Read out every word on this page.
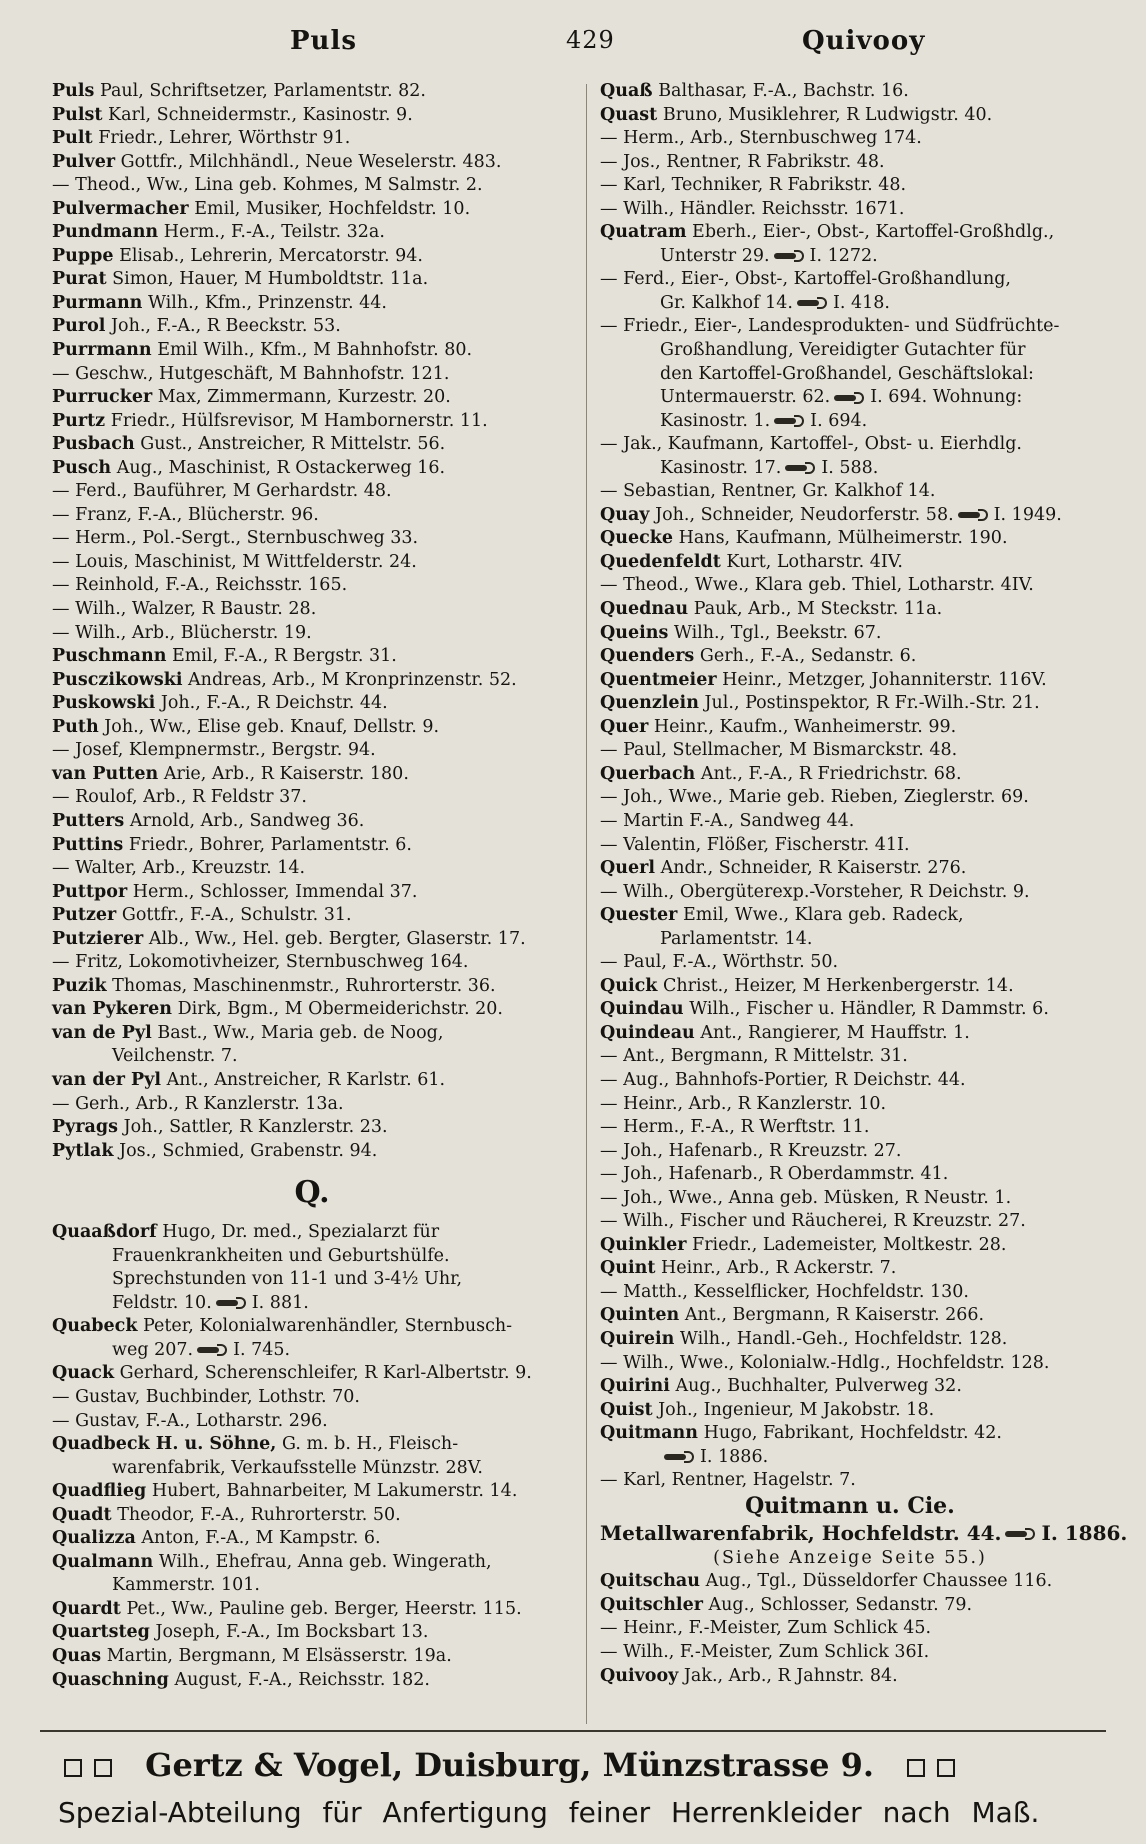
Puls	429	Quivooy
Puls Paul, Schriftsetzer, Parlamentstr. 82.
Pulst Karl, Schneidermstr., Kasinostr. 9.
Pult Friedr., Lehrer, Wörthstr 91.
Pulver Gottfr., Milchhändl., Neue Weselerstr. 483.
— Theod., Ww., Lina geb. Kohmes, M Salmstr. 2.
Pulvermacher Emil, Musiker, Hochfeldstr. 10.
Pundmann Herm., F.-A., Teilstr. 32a.
Puppe Elisab., Lehrerin, Mercatorstr. 94.
Purat Simon, Hauer, M Humboldtstr. 11a.
Purmann Wilh., Kfm., Prinzenstr. 44.
Purol Joh., F.-A., R Beeckstr. 53.
Purrmann Emil Wilh., Kfm., M Bahnhofstr. 80.
— Geschw., Hutgeschäft, M Bahnhofstr. 121.
Purrucker Max, Zimmermann, Kurzestr. 20.
Purtz Friedr., Hülfsrevisor, M Hambornerstr. 11.
Pusbach Gust., Anstreicher, R Mittelstr. 56.
Pusch Aug., Maschinist, R Ostackerweg 16.
— Ferd., Bauführer, M Gerhardstr. 48.
— Franz, F.-A., Blücherstr. 96.
— Herm., Pol.-Sergt., Sternbuschweg 33.
— Louis, Maschinist, M Wittfelderstr. 24.
— Reinhold, F.-A., Reichsstr. 165.
— Wilh., Walzer, R Baustr. 28.
— Wilh., Arb., Blücherstr. 19.
Puschmann Emil, F.-A., R Bergstr. 31.
Pusczikowski Andreas, Arb., M Kronprinzenstr. 52.
Puskowski Joh., F.-A., R Deichstr. 44.
Puth Joh., Ww., Elise geb. Knauf, Dellstr. 9.
— Josef, Klempnermstr., Bergstr. 94.
van Putten Arie, Arb., R Kaiserstr. 180.
— Roulof, Arb., R Feldstr 37.
Putters Arnold, Arb., Sandweg 36.
Puttins Friedr., Bohrer, Parlamentstr. 6.
— Walter, Arb., Kreuzstr. 14.
Puttpor Herm., Schlosser, Immendal 37.
Putzer Gottfr., F.-A., Schulstr. 31.
Putzierer Alb., Ww., Hel. geb. Bergter, Glaserstr. 17.
— Fritz, Lokomotivheizer, Sternbuschweg 164.
Puzik Thomas, Maschinenmstr., Ruhrorterstr. 36.
van Pykeren Dirk, Bgm., M Obermeiderichstr. 20.
van de Pyl Bast., Ww., Maria geb. de Noog,
Veilchenstr. 7.
van der Pyl Ant., Anstreicher, R Karlstr. 61.
— Gerh., Arb., R Kanzlerstr. 13a.
Pyrags Joh., Sattler, R Kanzlerstr. 23.
Pytlak Jos., Schmied, Grabenstr. 94.
Q.
Quaaßdorf Hugo, Dr. med., Spezialarzt für
Frauenkrankheiten und Geburtshülfe.
Sprechstunden von 11-1 und 3-4½ Uhr,
Feldstr. 10. I. 881.
Quabeck Peter, Kolonialwarenhändler, Sternbusch-
weg 207. I. 745.
Quack Gerhard, Scherenschleifer, R Karl-Albertstr. 9.
— Gustav, Buchbinder, Lothstr. 70.
— Gustav, F.-A., Lotharstr. 296.
Quadbeck H. u. Söhne, G. m. b. H., Fleisch-
warenfabrik, Verkaufsstelle Münzstr. 28V.
Quadflieg Hubert, Bahnarbeiter, M Lakumerstr. 14.
Quadt Theodor, F.-A., Ruhrorterstr. 50.
Qualizza Anton, F.-A., M Kampstr. 6.
Qualmann Wilh., Ehefrau, Anna geb. Wingerath,
Kammerstr. 101.
Quardt Pet., Ww., Pauline geb. Berger, Heerstr. 115.
Quartsteg Joseph, F.-A., Im Bocksbart 13.
Quas Martin, Bergmann, M Elsässerstr. 19a.
Quaschning August, F.-A., Reichsstr. 182.
Quaß Balthasar, F.-A., Bachstr. 16.
Quast Bruno, Musiklehrer, R Ludwigstr. 40.
— Herm., Arb., Sternbuschweg 174.
— Jos., Rentner, R Fabrikstr. 48.
— Karl, Techniker, R Fabrikstr. 48.
— Wilh., Händler. Reichsstr. 1671.
Quatram Eberh., Eier-, Obst-, Kartoffel-Großhdlg.,
Unterstr 29. I. 1272.
— Ferd., Eier-, Obst-, Kartoffel-Großhandlung,
Gr. Kalkhof 14. I. 418.
— Friedr., Eier-, Landesprodukten- und Südfrüchte-
Großhandlung, Vereidigter Gutachter für
den Kartoffel-Großhandel, Geschäftslokal:
Untermauerstr. 62. I. 694. Wohnung:
Kasinostr. 1. I. 694.
— Jak., Kaufmann, Kartoffel-, Obst- u. Eierhdlg.
Kasinostr. 17. I. 588.
— Sebastian, Rentner, Gr. Kalkhof 14.
Quay Joh., Schneider, Neudorferstr. 58. I. 1949.
Quecke Hans, Kaufmann, Mülheimerstr. 190.
Quedenfeldt Kurt, Lotharstr. 4IV.
— Theod., Wwe., Klara geb. Thiel, Lotharstr. 4IV.
Quednau Pauk, Arb., M Steckstr. 11a.
Queins Wilh., Tgl., Beekstr. 67.
Quenders Gerh., F.-A., Sedanstr. 6.
Quentmeier Heinr., Metzger, Johanniterstr. 116V.
Quenzlein Jul., Postinspektor, R Fr.-Wilh.-Str. 21.
Quer Heinr., Kaufm., Wanheimerstr. 99.
— Paul, Stellmacher, M Bismarckstr. 48.
Querbach Ant., F.-A., R Friedrichstr. 68.
— Joh., Wwe., Marie geb. Rieben, Zieglerstr. 69.
— Martin F.-A., Sandweg 44.
— Valentin, Flößer, Fischerstr. 41I.
Querl Andr., Schneider, R Kaiserstr. 276.
— Wilh., Obergüterexp.-Vorsteher, R Deichstr. 9.
Quester Emil, Wwe., Klara geb. Radeck,
Parlamentstr. 14.
— Paul, F.-A., Wörthstr. 50.
Quick Christ., Heizer, M Herkenbergerstr. 14.
Quindau Wilh., Fischer u. Händler, R Dammstr. 6.
Quindeau Ant., Rangierer, M Hauffstr. 1.
— Ant., Bergmann, R Mittelstr. 31.
— Aug., Bahnhofs-Portier, R Deichstr. 44.
— Heinr., Arb., R Kanzlerstr. 10.
— Herm., F.-A., R Werftstr. 11.
— Joh., Hafenarb., R Kreuzstr. 27.
— Joh., Hafenarb., R Oberdammstr. 41.
— Joh., Wwe., Anna geb. Müsken, R Neustr. 1.
— Wilh., Fischer und Räucherei, R Kreuzstr. 27.
Quinkler Friedr., Lademeister, Moltkestr. 28.
Quint Heinr., Arb., R Ackerstr. 7.
— Matth., Kesselflicker, Hochfeldstr. 130.
Quinten Ant., Bergmann, R Kaiserstr. 266.
Quirein Wilh., Handl.-Geh., Hochfeldstr. 128.
— Wilh., Wwe., Kolonialw.-Hdlg., Hochfeldstr. 128.
Quirini Aug., Buchhalter, Pulverweg 32.
Quist Joh., Ingenieur, M Jakobstr. 18.
Quitmann Hugo, Fabrikant, Hochfeldstr. 42.
I. 1886.
— Karl, Rentner, Hagelstr. 7.
Quitmann u. Cie.
Metallwarenfabrik, Hochfeldstr. 44. I. 1886.
(Siehe Anzeige Seite 55.)
Quitschau Aug., Tgl., Düsseldorfer Chaussee 116.
Quitschler Aug., Schlosser, Sedanstr. 79.
— Heinr., F.-Meister, Zum Schlick 45.
— Wilh., F.-Meister, Zum Schlick 36I.
Quivooy Jak., Arb., R Jahnstr. 84.
Gertz & Vogel, Duisburg, Münzstrasse 9.
Spezial-Abteilung für Anfertigung feiner Herrenkleider nach Maß.
